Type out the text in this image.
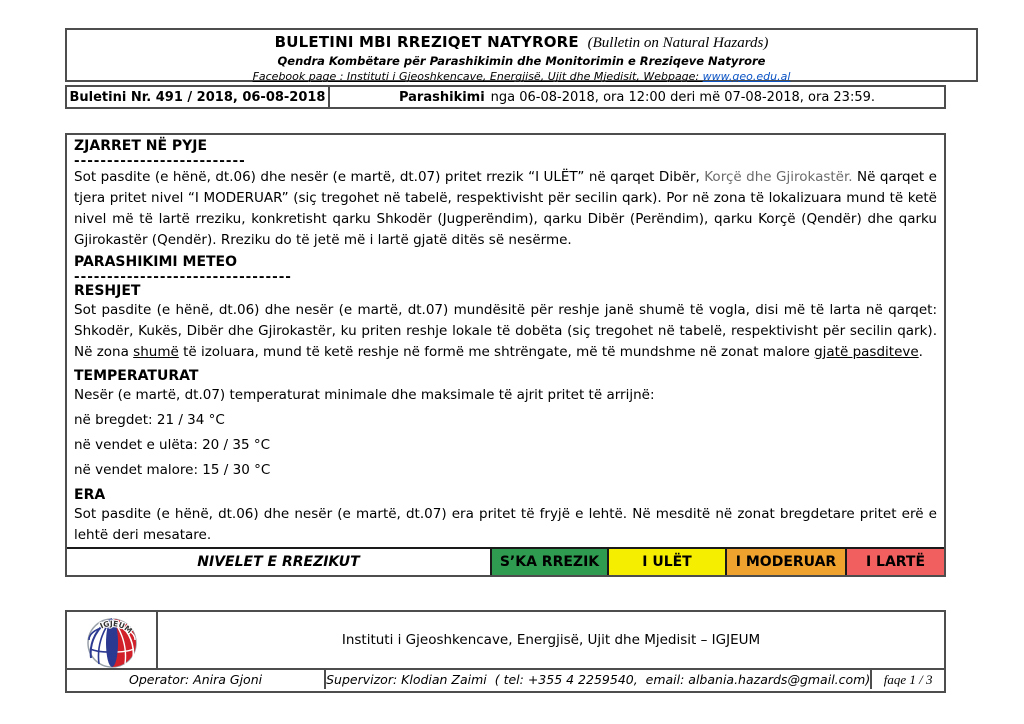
BULETINI MBI RREZIQET NATYRORE (Bulletin on Natural Hazards)
Qendra Kombëtare për Parashikimin dhe Monitorimin e Rreziqeve Natyrore
Facebook page : Instituti i Gjeoshkencave, Energjisë, Ujit dhe Mjedisit, Webpage: www.geo.edu.al
Buletini Nr. 491 / 2018, 06-08-2018	Parashikimi nga 06-08-2018, ora 12:00 deri më 07-08-2018, ora 23:59.
ZJARRET NË PYJE
--------------------------

Sot pasdite (e hënë, dt.06) dhe nesër (e martë, dt.07) pritet rrezik “I ULËT” në qarqet Dibër, Korçë dhe Gjirokastër. Në qarqet e tjera pritet nivel “I MODERUAR” (siç tregohet në tabelë, respektivisht për secilin qark). Por në zona të lokalizuara mund të ketë nivel më të lartë rreziku, konkretisht qarku Shkodër (Jugperëndim), qarku Dibër (Perëndim), qarku Korçë (Qendër) dhe qarku Gjirokastër (Qendër). Rreziku do të jetë më i lartë gjatë ditës së nesërme.

PARASHIKIMI METEO
---------------------------------
RESHJET

Sot pasdite (e hënë, dt.06) dhe nesër (e martë, dt.07) mundësitë për reshje janë shumë të vogla, disi më të larta në qarqet: Shkodër, Kukës, Dibër dhe Gjirokastër, ku priten reshje lokale të dobëta (siç tregohet në tabelë, respektivisht për secilin qark). Në zona shumë të izoluara, mund të ketë reshje në formë me shtrëngate, më të mundshme në zonat malore gjatë pasditeve.

TEMPERATURAT

Nesër (e martë, dt.07) temperaturat minimale dhe maksimale të ajrit pritet të arrijnë:

në bregdet: 21 / 34 °C

në vendet e ulëta: 20 / 35 °C

në vendet malore: 15 / 30 °C

ERA

Sot pasdite (e hënë, dt.06) dhe nesër (e martë, dt.07) era pritet të fryjë e lehtë. Në mesditë në zonat bregdetare pritet erë e lehtë deri mesatare.

NIVELET E RREZIKUT	S’KA RREZIK	I ULËT	I MODERUAR	I LARTË
IGJEUM
Instituti i Gjeoshkencave, Energjisë, Ujit dhe Mjedisit – IGJEUM
Operator: Anira Gjoni	Supervizor: Klodian Zaimi  ( tel: +355 4 2259540,  email: albania.hazards@gmail.com)	faqe 1 / 3
